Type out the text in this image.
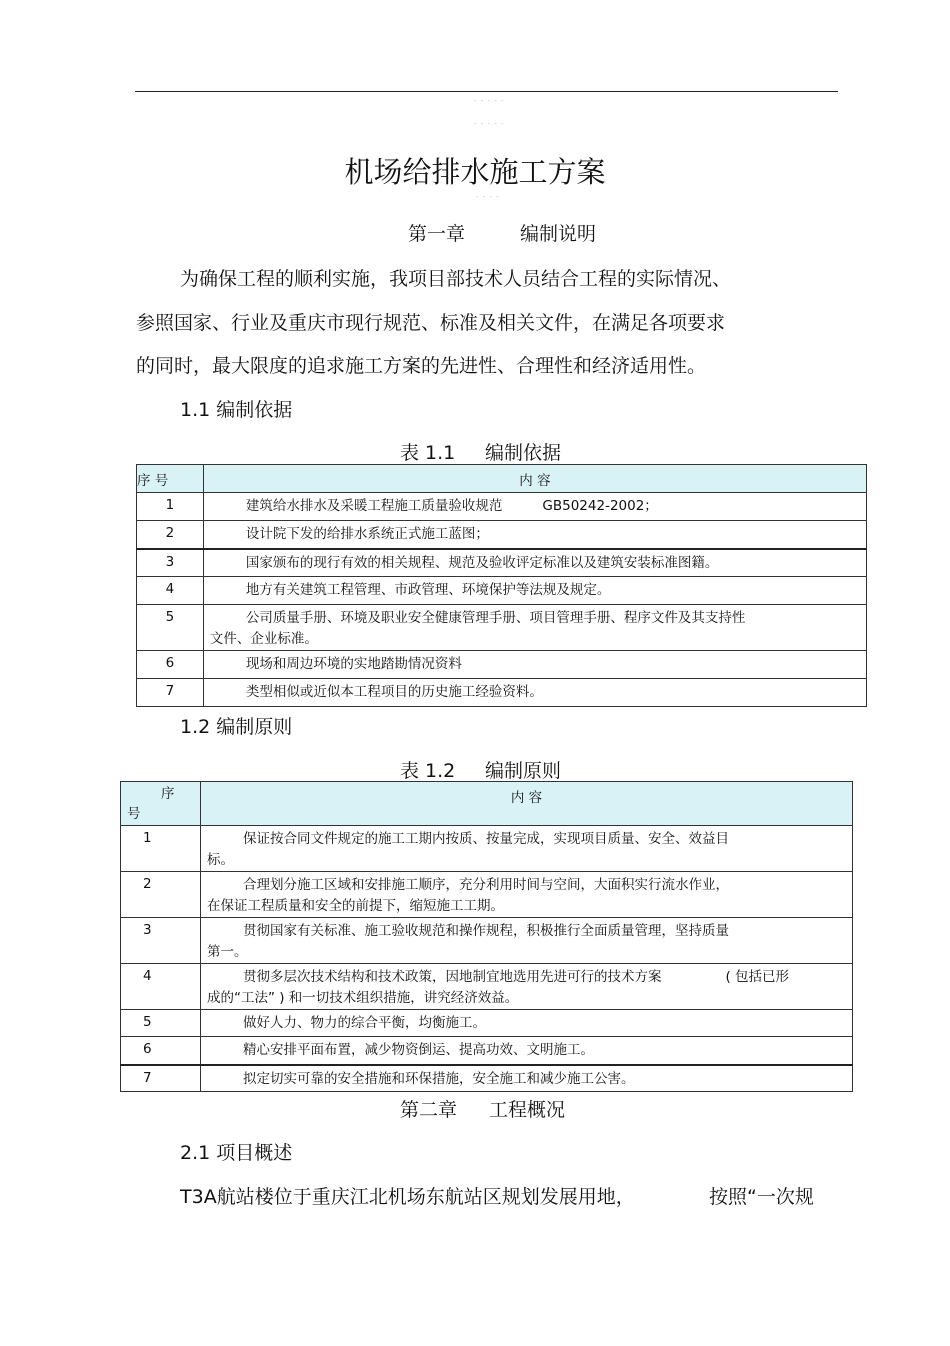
- - - - -
- - - - -
机场给排水施工方案
- - - -
第一章	编制说明
为确保工程的顺利实施，我项目部技术人员结合工程的实际情况、
参照国家、行业及重庆市现行规范、标准及相关文件，在满足各项要求
的同时，最大限度的追求施工方案的先进性、合理性和经济适用性。
1.1 编制依据
表 1.1 编制依据
序 号	内 容
1	建筑给水排水及采暖工程施工质量验收规范 GB50242-2002；
2	设计院下发的给排水系统正式施工蓝图；
3	国家颁布的现行有效的相关规程、规范及验收评定标准以及建筑安装标准图籍。
4	地方有关建筑工程管理、市政管理、环境保护等法规及规定。
5	公司质量手册、环境及职业安全健康管理手册、项目管理手册、程序文件及其支持性
文件、企业标准。

6	现场和周边环境的实地踏勘情况资料
7	类型相似或近似本工程项目的历史施工经验资料。
1.2 编制原则
表 1.2 编制原则
序
号	内 容
1	保证按合同文件规定的施工工期内按质、按量完成，实现项目质量、安全、效益目
标。

2	合理划分施工区域和安排施工顺序，充分利用时间与空间，大面积实行流水作业，
在保证工程质量和安全的前提下，缩短施工工期。

3	贯彻国家有关标准、施工验收规范和操作规程，积极推行全面质量管理，坚持质量
第一。

4	贯彻多层次技术结构和技术政策，因地制宜地选用先进可行的技术方案 ( 包括已形
成的“工法” ) 和一切技术组织措施，讲究经济效益。

5	做好人力、物力的综合平衡，均衡施工。
6	精心安排平面布置，减少物资倒运、提高功效、文明施工。
7	拟定切实可靠的安全措施和环保措施，安全施工和减少施工公害。
第二章 工程概况
2.1 项目概述
T3A航站楼位于重庆江北机场东航站区规划发展用地，	按照“一次规
